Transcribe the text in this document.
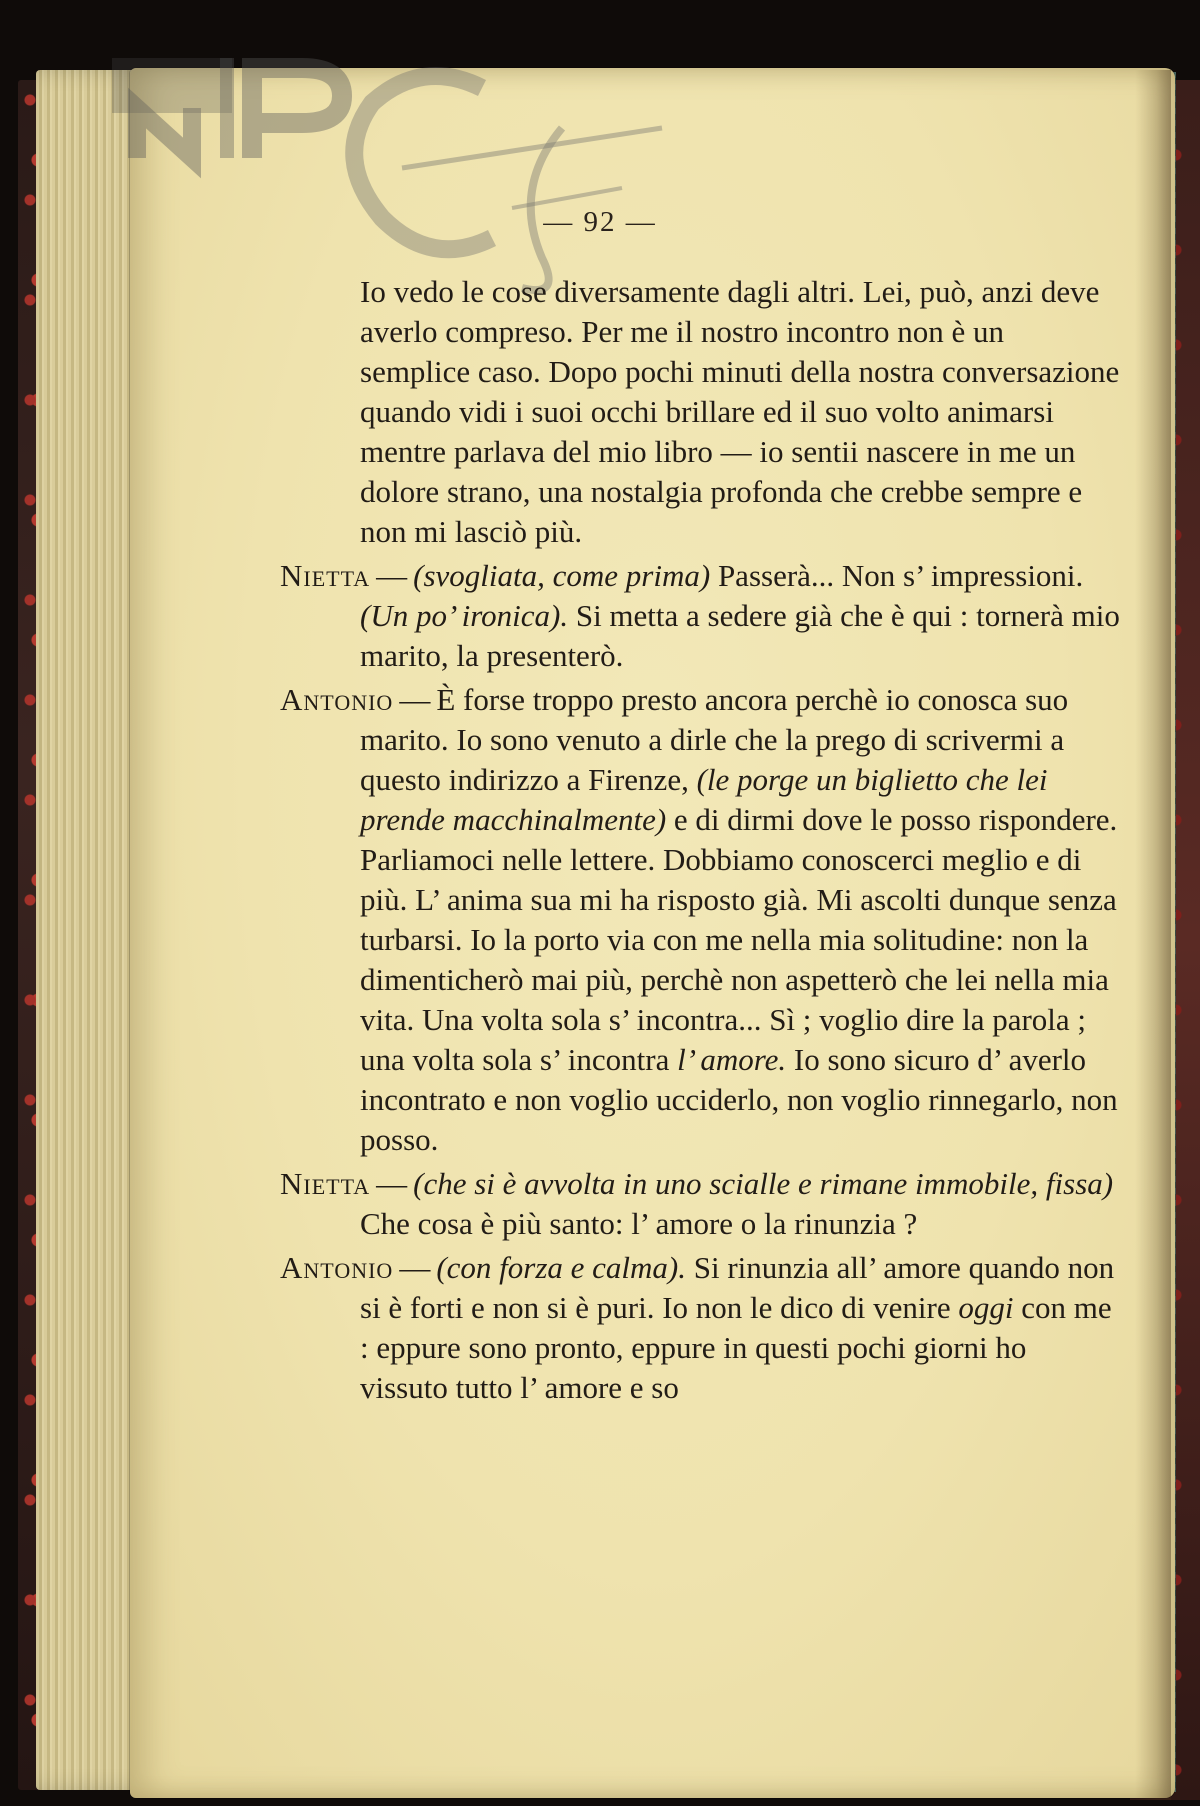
— 92 —

Io vedo le cose diversamente dagli altri. Lei, può, anzi deve averlo compreso. Per me il nostro incontro non è un semplice caso. Dopo pochi minuti della nostra conversazione quando vidi i suoi occhi brillare ed il suo volto animarsi mentre parlava del mio libro — io sentii nascere in me un dolore strano, una nostalgia profonda che crebbe sempre e non mi lasciò più.

Nietta — (svogliata, come prima) Passerà... Non s’ impressioni. (Un po’ ironica). Si metta a sedere già che è qui : tornerà mio marito, la presenterò.

Antonio — È forse troppo presto ancora perchè io conosca suo marito. Io sono venuto a dirle che la prego di scrivermi a questo indirizzo a Firenze, (le porge un biglietto che lei prende macchinalmente) e di dirmi dove le posso rispondere. Parliamoci nelle lettere. Dobbiamo conoscerci meglio e di più. L’ anima sua mi ha risposto già. Mi ascolti dunque senza turbarsi. Io la porto via con me nella mia solitudine: non la dimenticherò mai più, perchè non aspetterò che lei nella mia vita. Una volta sola s’ incontra... Sì ; voglio dire la parola ; una volta sola s’ incontra l’ amore. Io sono sicuro d’ averlo incontrato e non voglio ucciderlo, non voglio rinnegarlo, non posso.

Nietta — (che si è avvolta in uno scialle e rimane immobile, fissa) Che cosa è più santo: l’ amore o la rinunzia ?

Antonio — (con forza e calma). Si rinunzia all’ amore quando non si è forti e non si è puri. Io non le dico di venire oggi con me : eppure sono pronto, eppure in questi pochi giorni ho vissuto tutto l’ amore e so
